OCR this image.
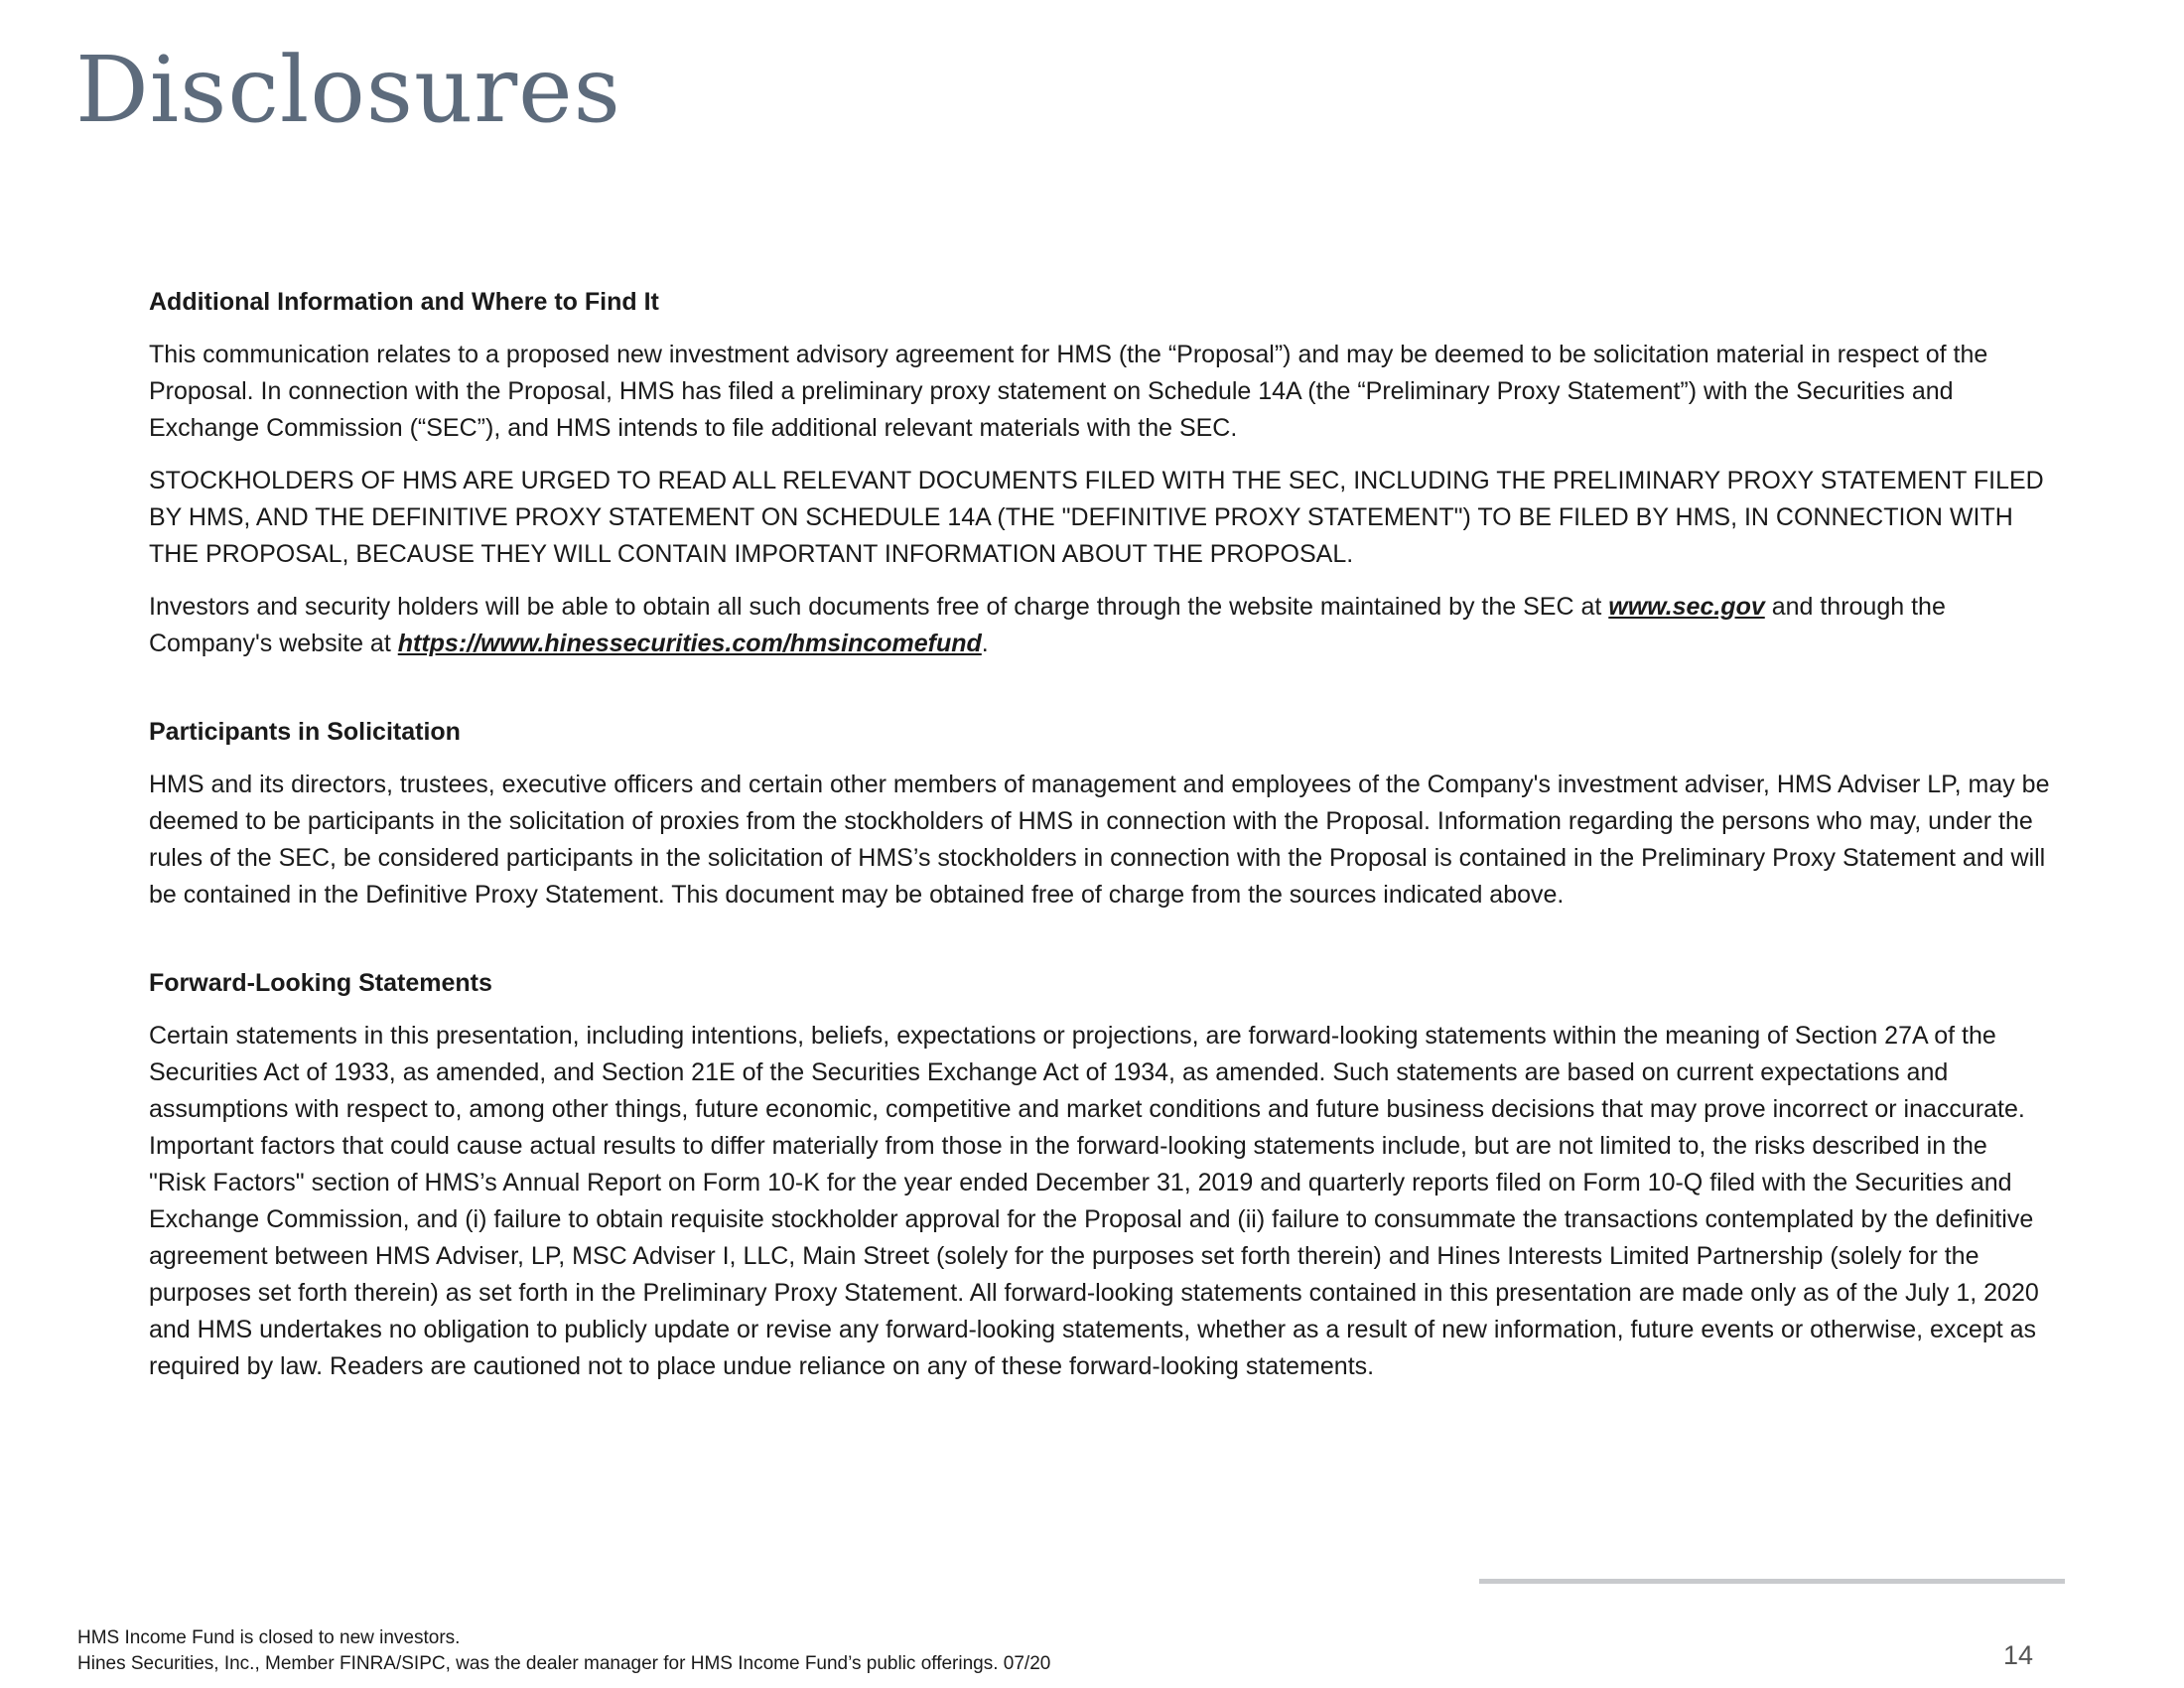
Disclosures
Additional Information and Where to Find It

This communication relates to a proposed new investment advisory agreement for HMS (the “Proposal”) and may be deemed to be solicitation material in respect of the Proposal. In connection with the Proposal, HMS has filed a preliminary proxy statement on Schedule 14A (the “Preliminary Proxy Statement”) with the Securities and Exchange Commission (“SEC”), and HMS intends to file additional relevant materials with the SEC.

STOCKHOLDERS OF HMS ARE URGED TO READ ALL RELEVANT DOCUMENTS FILED WITH THE SEC, INCLUDING THE PRELIMINARY PROXY STATEMENT FILED BY HMS, AND THE DEFINITIVE PROXY STATEMENT ON SCHEDULE 14A (THE "DEFINITIVE PROXY STATEMENT") TO BE FILED BY HMS, IN CONNECTION WITH THE PROPOSAL, BECAUSE THEY WILL CONTAIN IMPORTANT INFORMATION ABOUT THE PROPOSAL.

Investors and security holders will be able to obtain all such documents free of charge through the website maintained by the SEC at www.sec.gov and through the Company's website at https://www.hinessecurities.com/hmsincomefund.

Participants in Solicitation

HMS and its directors, trustees, executive officers and certain other members of management and employees of the Company's investment adviser, HMS Adviser LP, may be deemed to be participants in the solicitation of proxies from the stockholders of HMS in connection with the Proposal. Information regarding the persons who may, under the rules of the SEC, be considered participants in the solicitation of HMS’s stockholders in connection with the Proposal is contained in the Preliminary Proxy Statement and will be contained in the Definitive Proxy Statement. This document may be obtained free of charge from the sources indicated above.

Forward-Looking Statements

Certain statements in this presentation, including intentions, beliefs, expectations or projections, are forward-looking statements within the meaning of Section 27A of the Securities Act of 1933, as amended, and Section 21E of the Securities Exchange Act of 1934, as amended. Such statements are based on current expectations and assumptions with respect to, among other things, future economic, competitive and market conditions and future business decisions that may prove incorrect or inaccurate. Important factors that could cause actual results to differ materially from those in the forward-looking statements include, but are not limited to, the risks described in the "Risk Factors" section of HMS’s Annual Report on Form 10-K for the year ended December 31, 2019 and quarterly reports filed on Form 10-Q filed with the Securities and Exchange Commission, and (i) failure to obtain requisite stockholder approval for the Proposal and (ii) failure to consummate the transactions contemplated by the definitive agreement between HMS Adviser, LP, MSC Adviser I, LLC, Main Street (solely for the purposes set forth therein) and Hines Interests Limited Partnership (solely for the purposes set forth therein) as set forth in the Preliminary Proxy Statement. All forward-looking statements contained in this presentation are made only as of the July 1, 2020 and HMS undertakes no obligation to publicly update or revise any forward-looking statements, whether as a result of new information, future events or otherwise, except as required by law. Readers are cautioned not to place undue reliance on any of these forward-looking statements.

HMS Income Fund is closed to new investors.
Hines Securities, Inc., Member FINRA/SIPC, was the dealer manager for HMS Income Fund’s public offerings. 07/20	14
